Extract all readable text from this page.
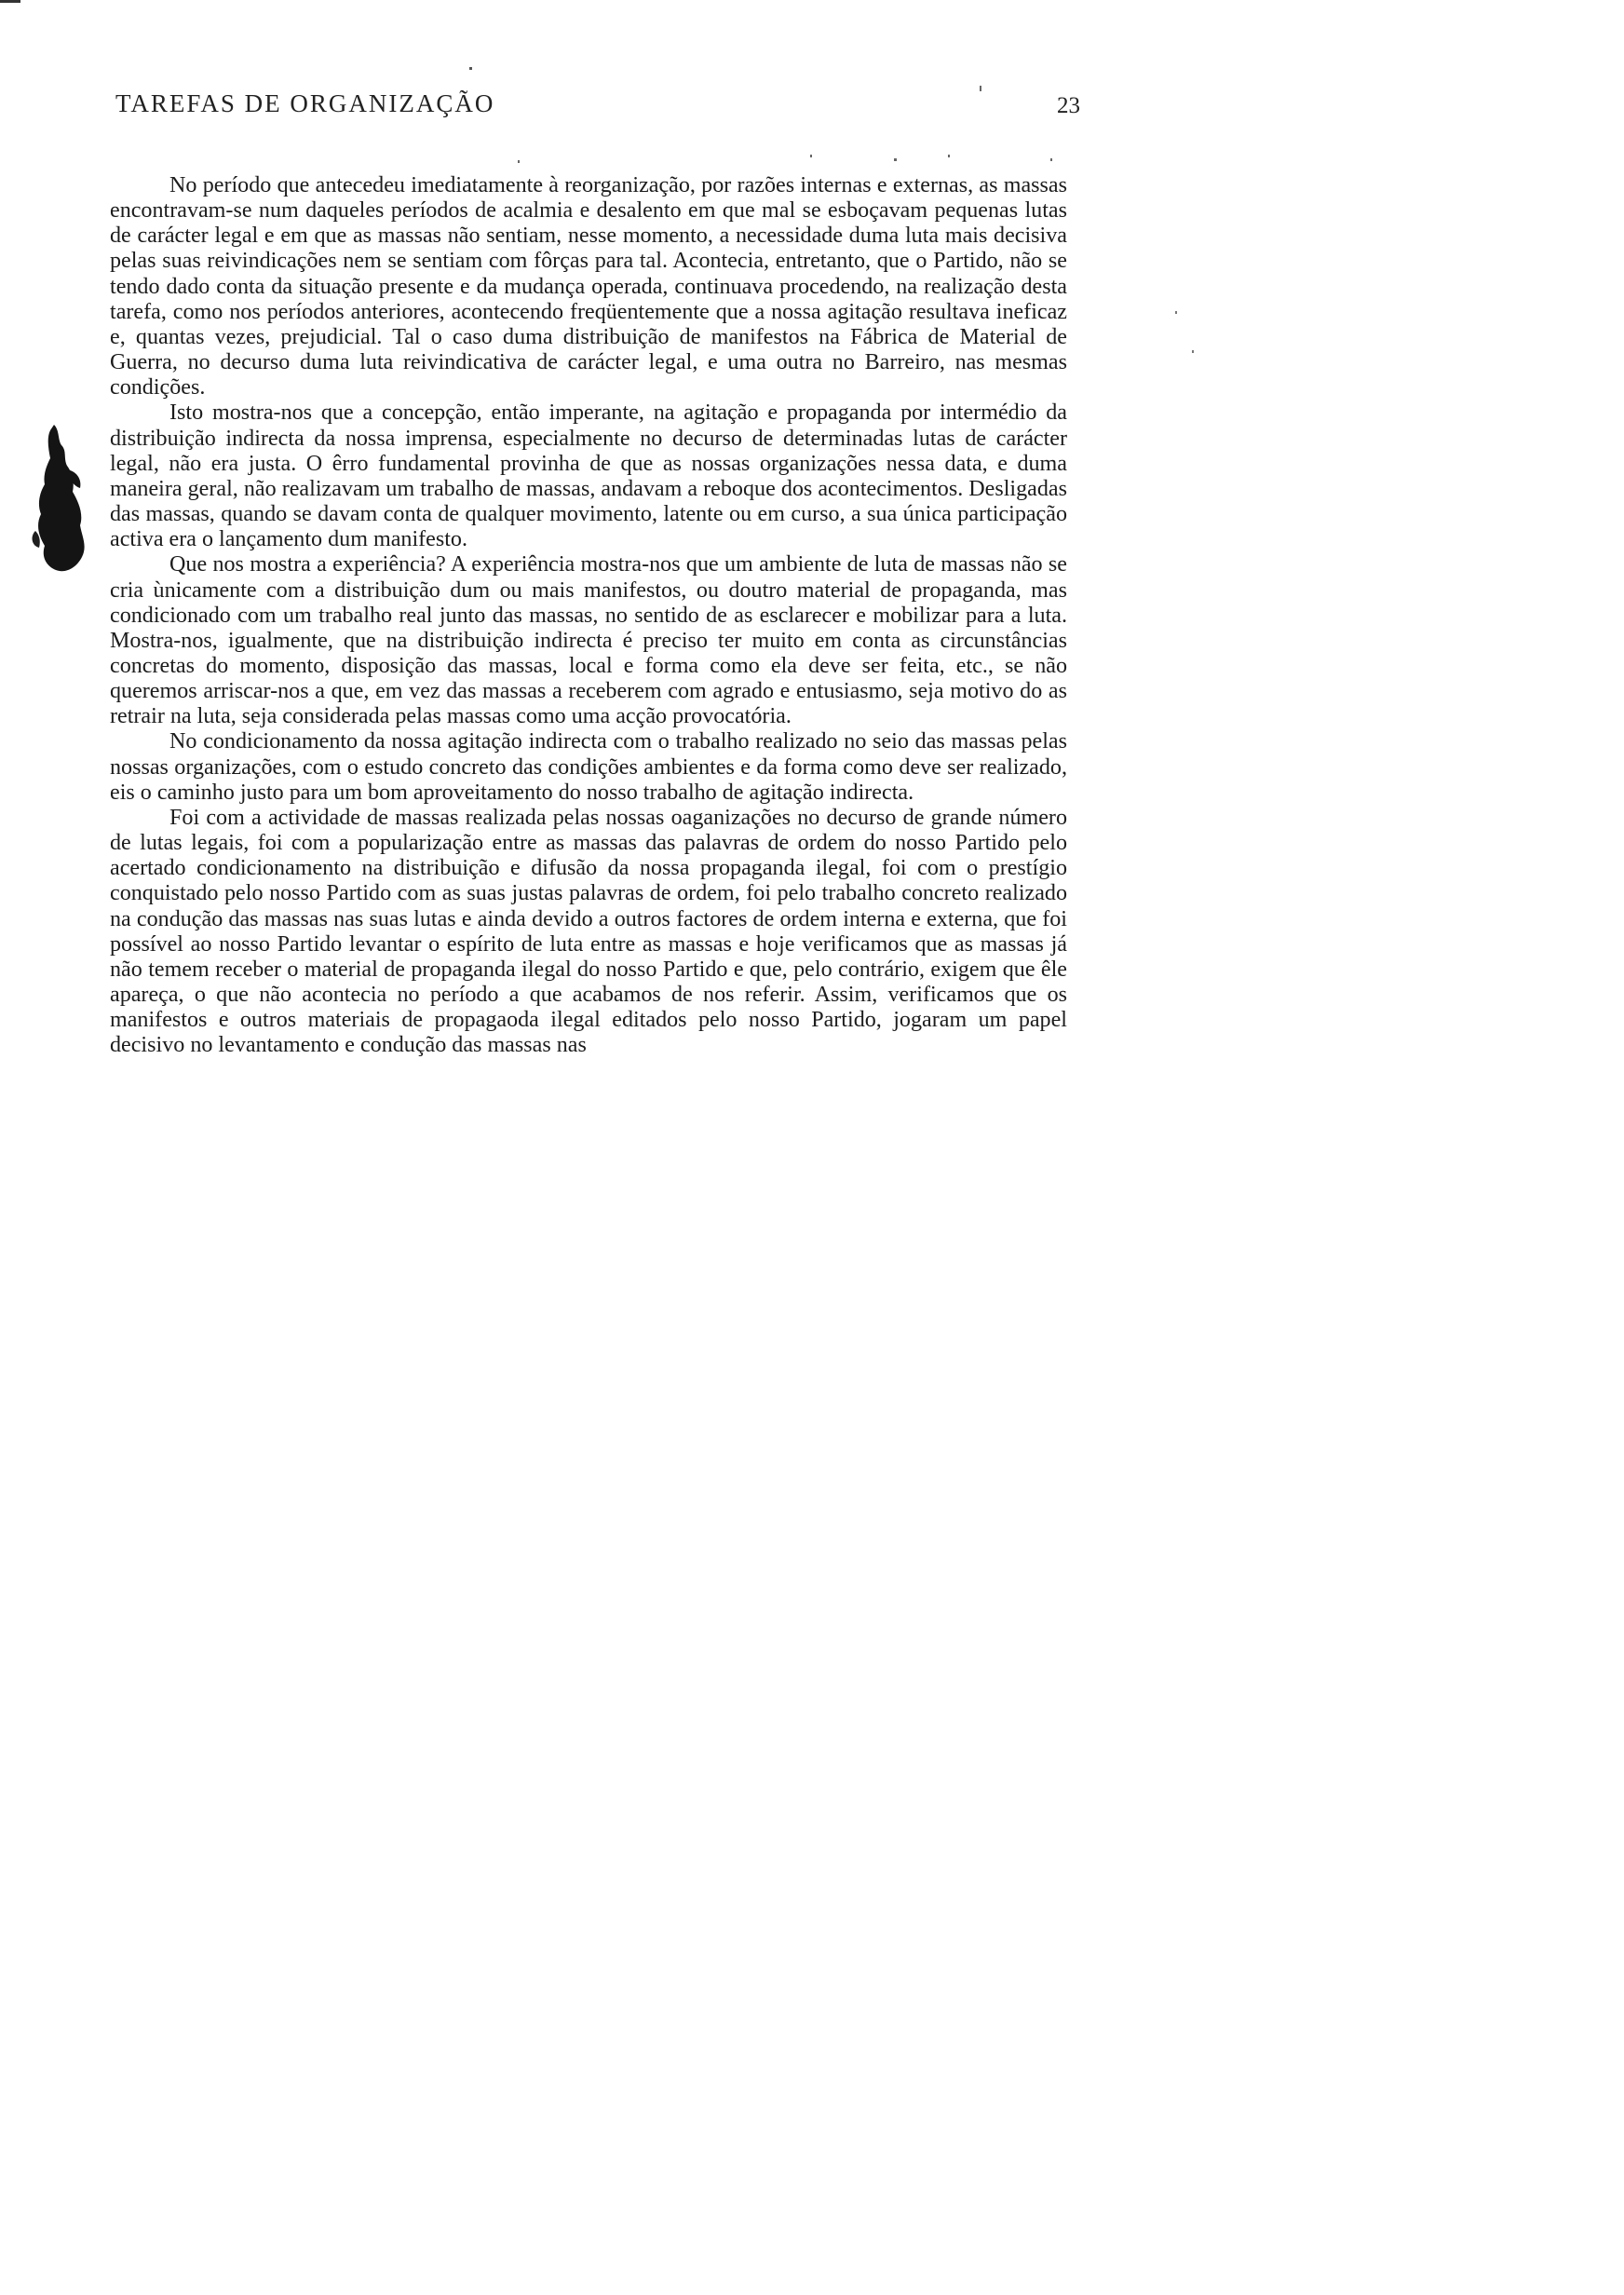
TAREFAS DE ORGANIZAÇÃO	23

No período que antecedeu imediatamente à reorganização, por razões internas e externas, as massas encontravam-se num daqueles períodos de acalmia e desalento em que mal se esboçavam pequenas lutas de carácter legal e em que as massas não sentiam, nesse momento, a necessidade duma luta mais decisiva pelas suas reivindicações nem se sentiam com fôrças para tal. Acontecia, entretanto, que o Partido, não se tendo dado conta da situação presente e da mudança operada, continuava procedendo, na realização desta tarefa, como nos períodos anteriores, acontecendo freqüentemente que a nossa agitação resultava ineficaz e, quantas vezes, prejudicial. Tal o caso duma distribuição de manifestos na Fábrica de Material de Guerra, no decurso duma luta reivindicativa de carácter legal, e uma outra no Barreiro, nas mesmas condições.

Isto mostra-nos que a concepção, então imperante, na agitação e propaganda por intermédio da distribuição indirecta da nossa imprensa, especialmente no decurso de determinadas lutas de carácter legal, não era justa. O êrro fundamental provinha de que as nossas organizações nessa data, e duma maneira geral, não realizavam um trabalho de massas, andavam a reboque dos acontecimentos. Desligadas das massas, quando se davam conta de qualquer movimento, latente ou em curso, a sua única participação activa era o lançamento dum manifesto.

Que nos mostra a experiência? A experiência mostra-nos que um ambiente de luta de massas não se cria ùnicamente com a distribuição dum ou mais manifestos, ou doutro material de propaganda, mas condicionado com um trabalho real junto das massas, no sentido de as esclarecer e mobilizar para a luta. Mostra-nos, igualmente, que na distribuição indirecta é preciso ter muito em conta as circunstâncias concretas do momento, disposição das massas, local e forma como ela deve ser feita, etc., se não queremos arriscar-nos a que, em vez das massas a receberem com agrado e entusiasmo, seja motivo do as retrair na luta, seja considerada pelas massas como uma acção provocatória.

No condicionamento da nossa agitação indirecta com o trabalho realizado no seio das massas pelas nossas organizações, com o estudo concreto das condições ambientes e da forma como deve ser realizado, eis o caminho justo para um bom aproveitamento do nosso trabalho de agitação indirecta.

Foi com a actividade de massas realizada pelas nossas oaganizações no decurso de grande número de lutas legais, foi com a popularização entre as massas das palavras de ordem do nosso Partido pelo acertado condicionamento na distribuição e difusão da nossa propaganda ilegal, foi com o prestígio conquistado pelo nosso Partido com as suas justas palavras de ordem, foi pelo trabalho concreto realizado na condução das massas nas suas lutas e ainda devido a outros factores de ordem interna e externa, que foi possível ao nosso Partido levantar o espírito de luta entre as massas e hoje verificamos que as massas já não temem receber o material de propaganda ilegal do nosso Partido e que, pelo contrário, exigem que êle apareça, o que não acontecia no período a que acabamos de nos referir. Assim, verificamos que os manifestos e outros materiais de propagaoda ilegal editados pelo nosso Partido, jogaram um papel decisivo no levantamento e condução das massas nas
